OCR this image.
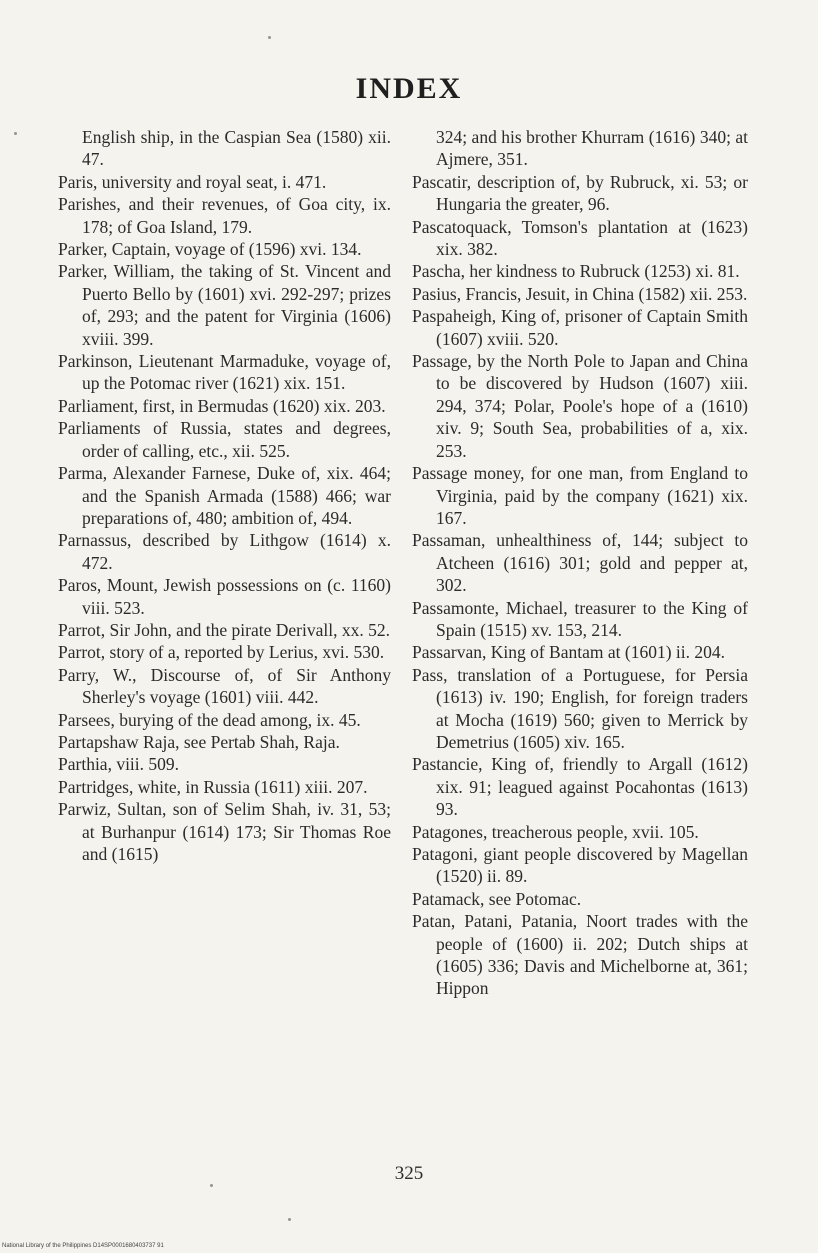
INDEX

English ship, in the Caspian Sea (1580) xii. 47.

Paris, university and royal seat, i. 471.

Parishes, and their revenues, of Goa city, ix. 178; of Goa Island, 179.

Parker, Captain, voyage of (1596) xvi. 134.

Parker, William, the taking of St. Vincent and Puerto Bello by (1601) xvi. 292-297; prizes of, 293; and the patent for Virginia (1606) xviii. 399.

Parkinson, Lieutenant Marmaduke, voyage of, up the Potomac river (1621) xix. 151.

Parliament, first, in Bermudas (1620) xix. 203.

Parliaments of Russia, states and degrees, order of calling, etc., xii. 525.

Parma, Alexander Farnese, Duke of, xix. 464; and the Spanish Armada (1588) 466; war preparations of, 480; ambition of, 494.

Parnassus, described by Lithgow (1614) x. 472.

Paros, Mount, Jewish possessions on (c. 1160) viii. 523.

Parrot, Sir John, and the pirate Derivall, xx. 52.

Parrot, story of a, reported by Lerius, xvi. 530.

Parry, W., Discourse of, of Sir Anthony Sherley's voyage (1601) viii. 442.

Parsees, burying of the dead among, ix. 45.

Partapshaw Raja, see Pertab Shah, Raja.

Parthia, viii. 509.

Partridges, white, in Russia (1611) xiii. 207.

Parwiz, Sultan, son of Selim Shah, iv. 31, 53; at Burhanpur (1614) 173; Sir Thomas Roe and (1615)

324; and his brother Khurram (1616) 340; at Ajmere, 351.

Pascatir, description of, by Rubruck, xi. 53; or Hungaria the greater, 96.

Pascatoquack, Tomson's plantation at (1623) xix. 382.

Pascha, her kindness to Rubruck (1253) xi. 81.

Pasius, Francis, Jesuit, in China (1582) xii. 253.

Paspaheigh, King of, prisoner of Captain Smith (1607) xviii. 520.

Passage, by the North Pole to Japan and China to be discovered by Hudson (1607) xiii. 294, 374; Polar, Poole's hope of a (1610) xiv. 9; South Sea, probabilities of a, xix. 253.

Passage money, for one man, from England to Virginia, paid by the company (1621) xix. 167.

Passaman, unhealthiness of, 144; subject to Atcheen (1616) 301; gold and pepper at, 302.

Passamonte, Michael, treasurer to the King of Spain (1515) xv. 153, 214.

Passarvan, King of Bantam at (1601) ii. 204.

Pass, translation of a Portuguese, for Persia (1613) iv. 190; English, for foreign traders at Mocha (1619) 560; given to Merrick by Demetrius (1605) xiv. 165.

Pastancie, King of, friendly to Argall (1612) xix. 91; leagued against Pocahontas (1613) 93.

Patagones, treacherous people, xvii. 105.

Patagoni, giant people discovered by Magellan (1520) ii. 89.

Patamack, see Potomac.

Patan, Patani, Patania, Noort trades with the people of (1600) ii. 202; Dutch ships at (1605) 336; Davis and Michelborne at, 361; Hippon

325
National Library of the Philippines D14SP0001680403737 91
